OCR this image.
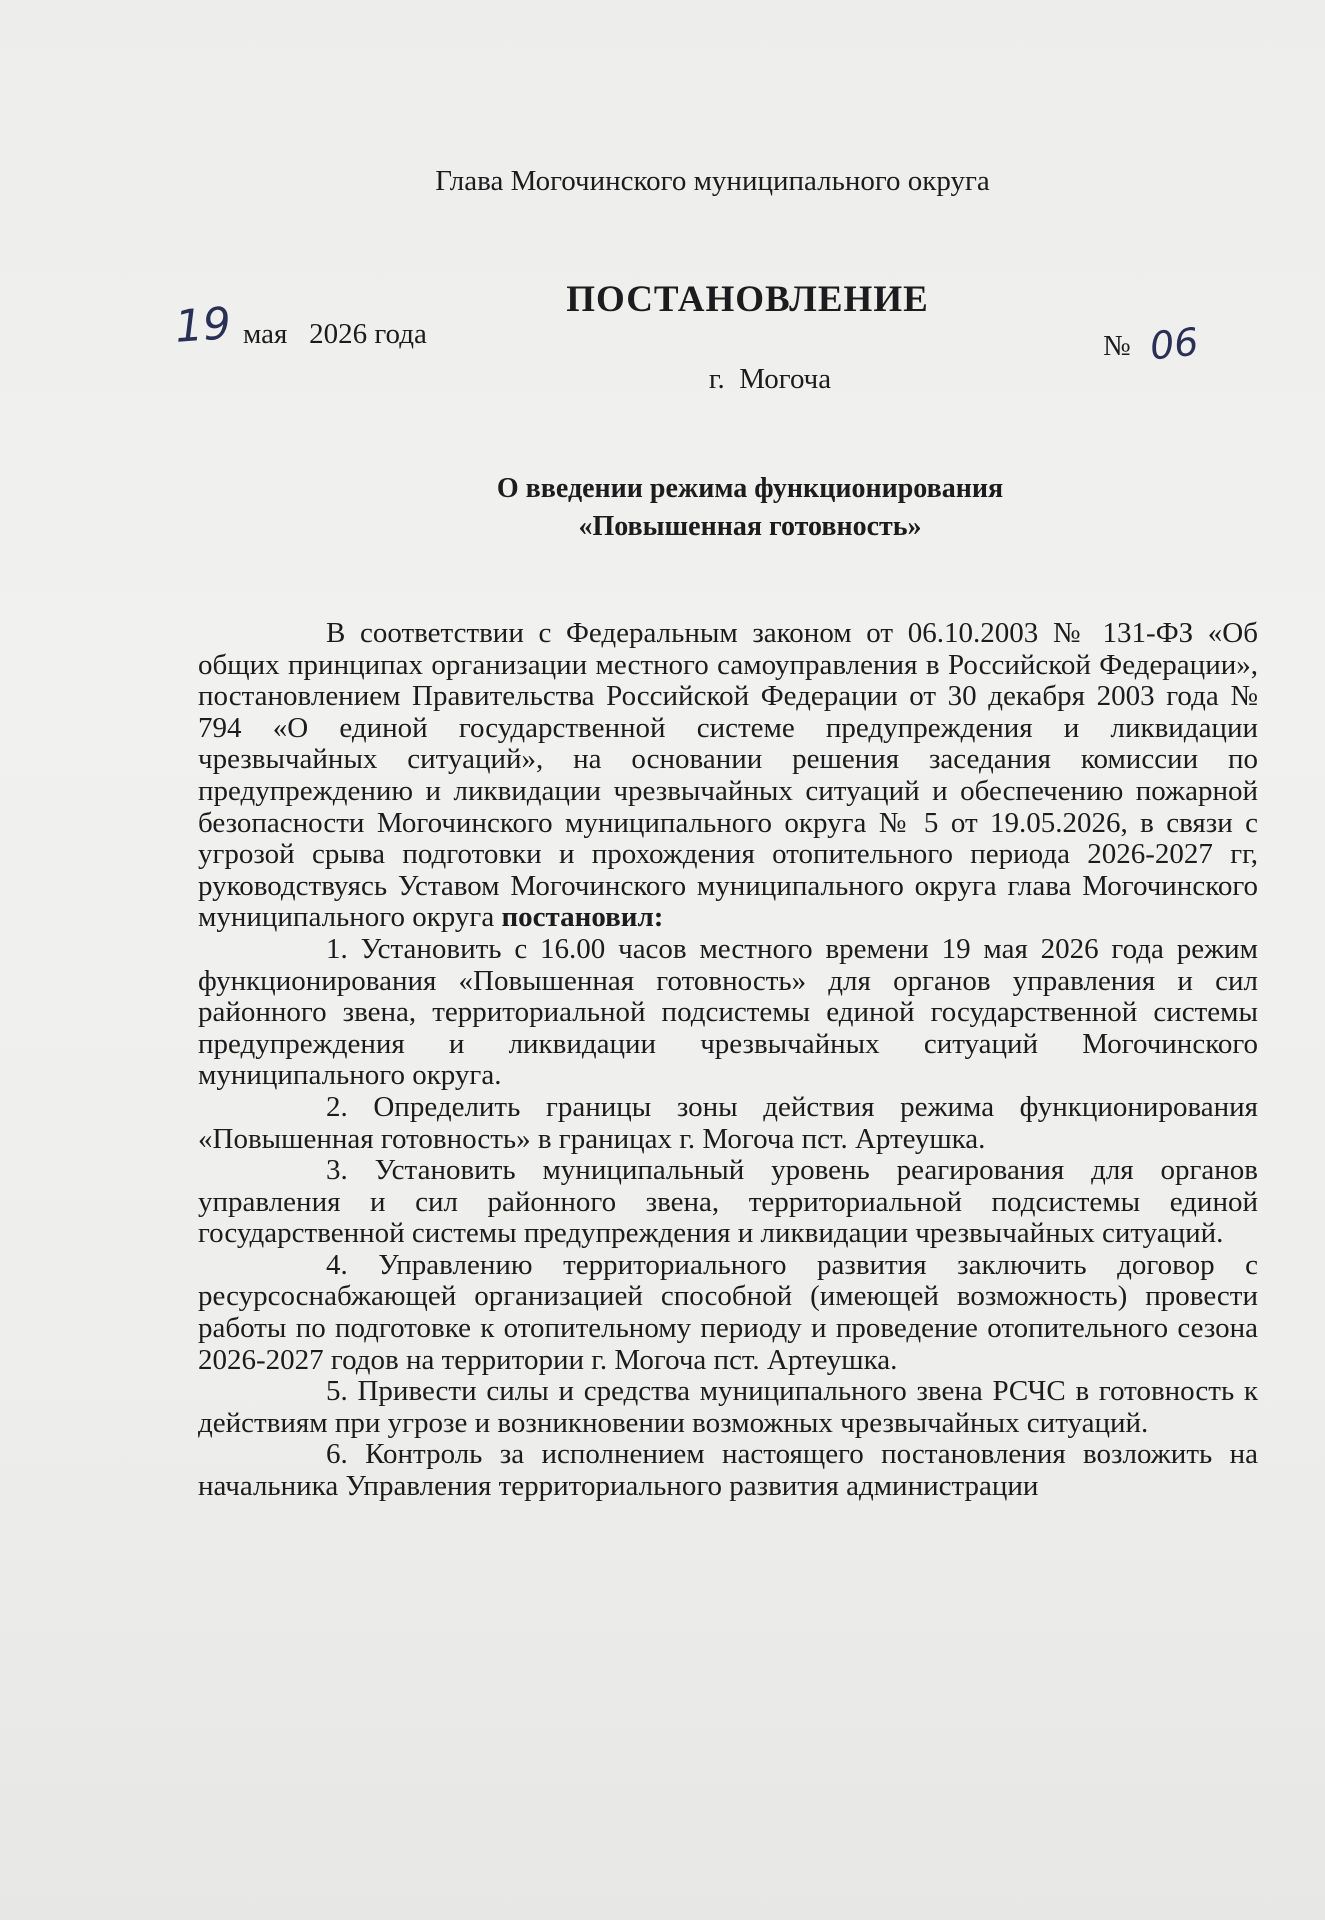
Глава Могочинского муниципального округа
ПОСТАНОВЛЕНИЕ
19 мая   2026 года	№ 06
г.  Могоча
О введении режима функционирования
«Повышенная готовность»

В соответствии с Федеральным законом от 06.10.2003 № 131-ФЗ «Об общих принципах организации местного самоуправления в Российской Федерации», постановлением Правительства Российской Федерации от 30 декабря 2003 года № 794 «О единой государственной системе предупреждения и ликвидации чрезвычайных ситуаций», на основании решения заседания комиссии по предупреждению и ликвидации чрезвычайных ситуаций и обеспечению пожарной безопасности Могочинского муниципального округа № 5 от 19.05.2026, в связи с угрозой срыва подготовки и прохождения отопительного периода 2026-2027 гг, руководствуясь Уставом Могочинского муниципального округа глава Могочинского муниципального округа постановил:

1. Установить с 16.00 часов местного времени 19 мая 2026 года режим функционирования «Повышенная готовность» для органов управления и сил районного звена, территориальной подсистемы единой государственной системы предупреждения и ликвидации чрезвычайных ситуаций Могочинского муниципального округа.

2. Определить границы зоны действия режима функционирования «Повышенная готовность» в границах г. Могоча пст. Артеушка.

3. Установить муниципальный уровень реагирования для органов управления и сил районного звена, территориальной подсистемы единой государственной системы предупреждения и ликвидации чрезвычайных ситуаций.

4. Управлению территориального развития заключить договор с ресурсоснабжающей организацией способной (имеющей возможность) провести работы по подготовке к отопительному периоду и проведение отопительного сезона 2026-2027 годов на территории г. Могоча пст. Артеушка.

5. Привести силы и средства муниципального звена РСЧС в готовность к действиям при угрозе и возникновении возможных чрезвычайных ситуаций.

6. Контроль за исполнением настоящего постановления возложить на начальника Управления территориального развития администрации
